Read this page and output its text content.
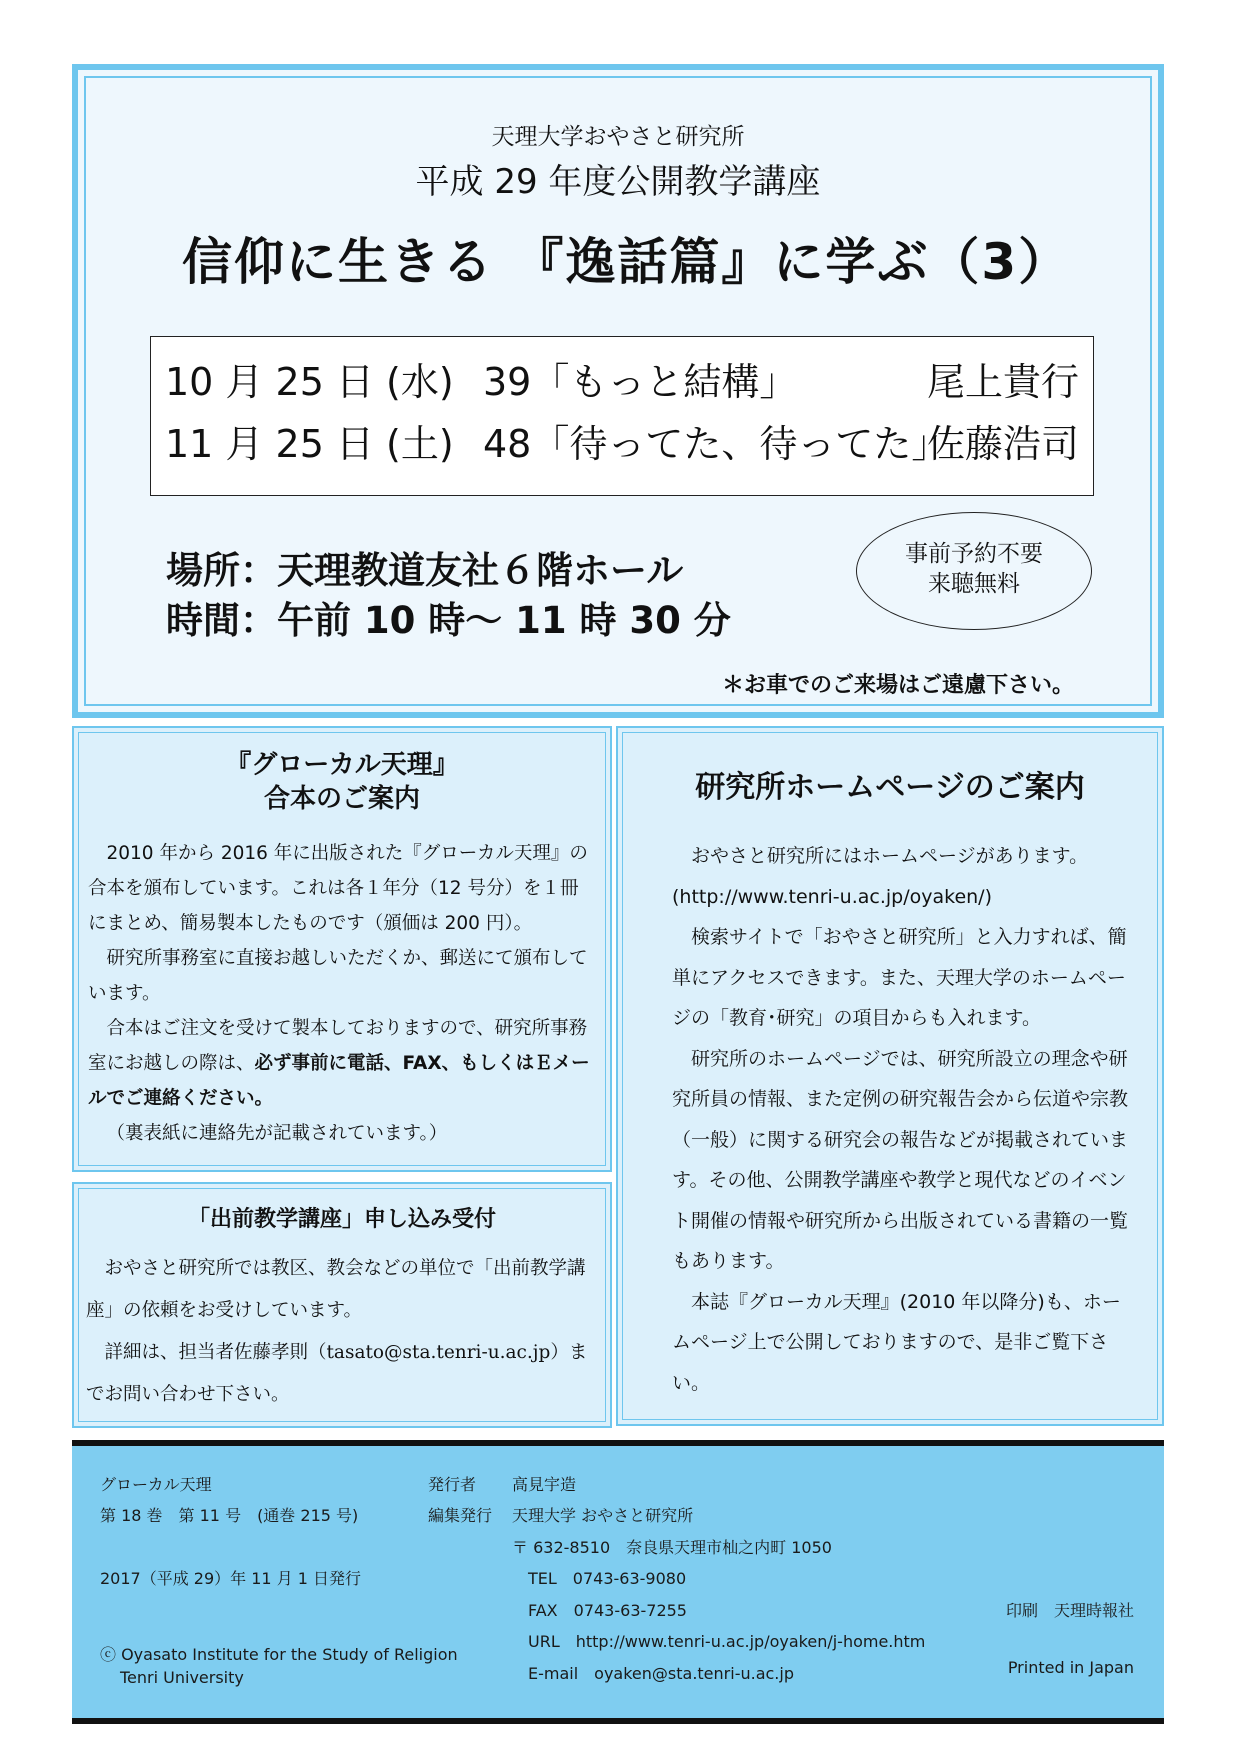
天理大学おやさと研究所
平成 29 年度公開教学講座
信仰に生きる 『逸話篇』に学ぶ（3）
10 月 25 日 (水) 39「もっと結構」	尾上貴行
11 月 25 日 (土) 48「待ってた、待ってた」
佐藤浩司
場所：天理教道友社６階ホール
時間：午前 10 時～ 11 時 30 分
事前予約不要
来聴無料
＊お車でのご来場はご遠慮下さい。
『グローカル天理』
合本のご案内

2010 年から 2016 年に出版された『グローカル天理』の合本を頒布しています。これは各１年分（12 号分）を１冊にまとめ、簡易製本したものです（頒価は 200 円）。

研究所事務室に直接お越しいただくか、郵送にて頒布しています。

合本はご注文を受けて製本しておりますので、研究所事務室にお越しの際は、必ず事前に電話、FAX、もしくはＥメールでご連絡ください。

（裏表紙に連絡先が記載されています。）

「出前教学講座」申し込み受付

おやさと研究所では教区、教会などの単位で「出前教学講座」の依頼をお受けしています。

詳細は、担当者佐藤孝則（tasato@sta.tenri-u.ac.jp）までお問い合わせ下さい。

研究所ホームページのご案内

おやさと研究所にはホームページがあります。

(http://www.tenri-u.ac.jp/oyaken/)

検索サイトで「おやさと研究所」と入力すれば、簡単にアクセスできます。また、天理大学のホームページの「教育･研究」の項目からも入れます。

研究所のホームページでは、研究所設立の理念や研究所員の情報、また定例の研究報告会から伝道や宗教（一般）に関する研究会の報告などが掲載されています。その他、公開教学講座や教学と現代などのイベント開催の情報や研究所から出版されている書籍の一覧もあります。

本誌『グローカル天理』(2010 年以降分)も、ホームページ上で公開しておりますので、是非ご覧下さい。

グローカル天理
第 18 巻　第 11 号　(通巻 215 号)
2017（平成 29）年 11 月 1 日発行
ⓒ Oyasato Institute for the Study of Religion
Tenri University
発行者 高見宇造
編集発行 天理大学 おやさと研究所
〒 632-8510　奈良県天理市杣之内町 1050
TEL　0743-63-9080
FAX　0743-63-7255
URL　http://www.tenri-u.ac.jp/oyaken/j-home.htm
E-mail　oyaken@sta.tenri-u.ac.jp
印刷　天理時報社
Printed in Japan
